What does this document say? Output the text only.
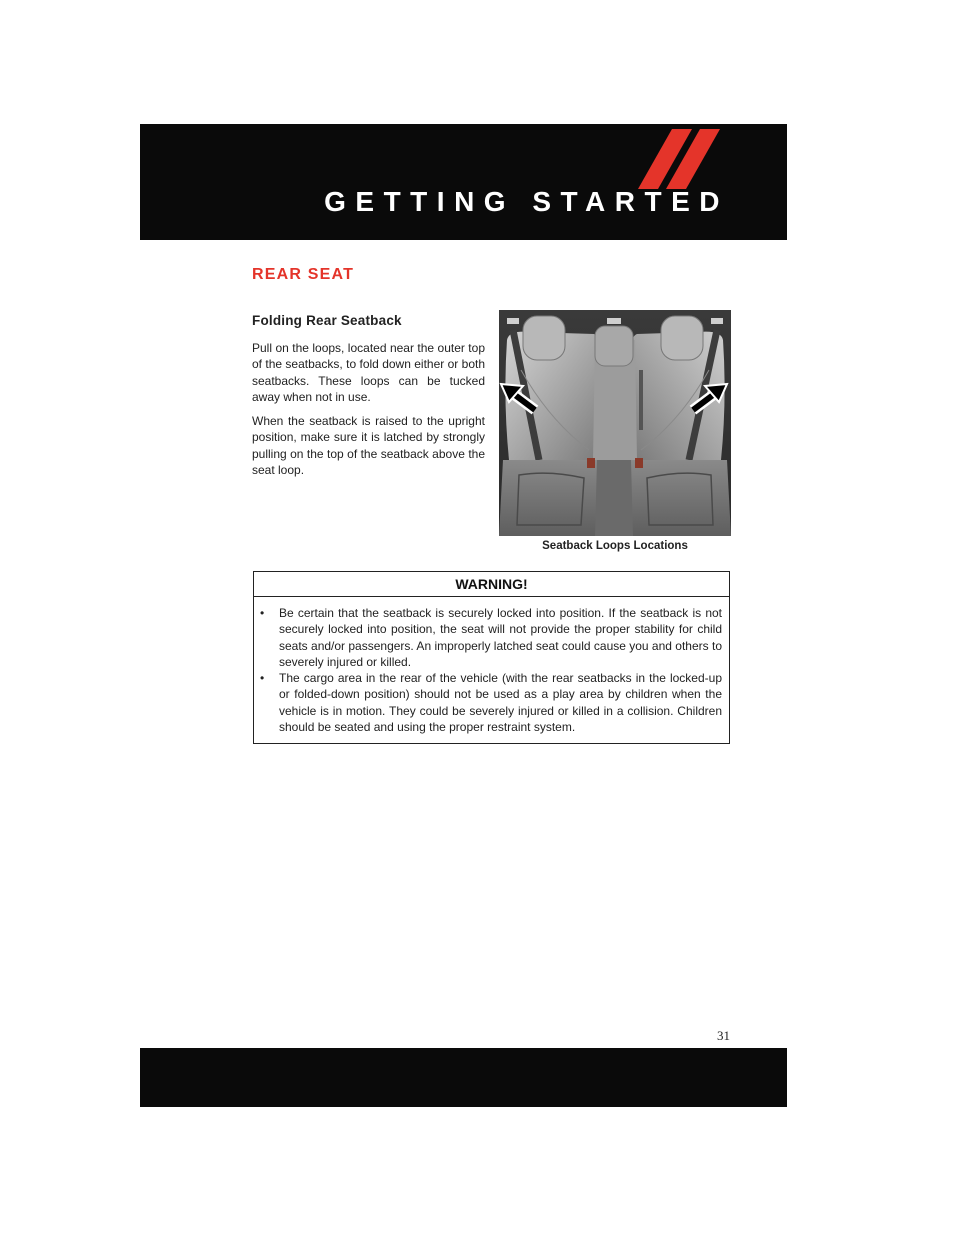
GETTING STARTED
REAR SEAT
Folding Rear Seatback

Pull on the loops, located near the outer top of the seatbacks, to fold down either or both seatbacks. These loops can be tucked away when not in use.

When the seatback is raised to the upright position, make sure it is latched by strongly pulling on the top of the seatback above the seat loop.

Seatback Loops Locations
WARNING!
• Be certain that the seatback is securely locked into position. If the seatback is not securely locked into position, the seat will not provide the proper stability for child seats and/or passengers. An improperly latched seat could cause you and others to severely injured or killed.
• The cargo area in the rear of the vehicle (with the rear seatbacks in the locked-up or folded-down position) should not be used as a play area by children when the vehicle is in motion. They could be severely injured or killed in a collision. Children should be seated and using the proper restraint system.
31
